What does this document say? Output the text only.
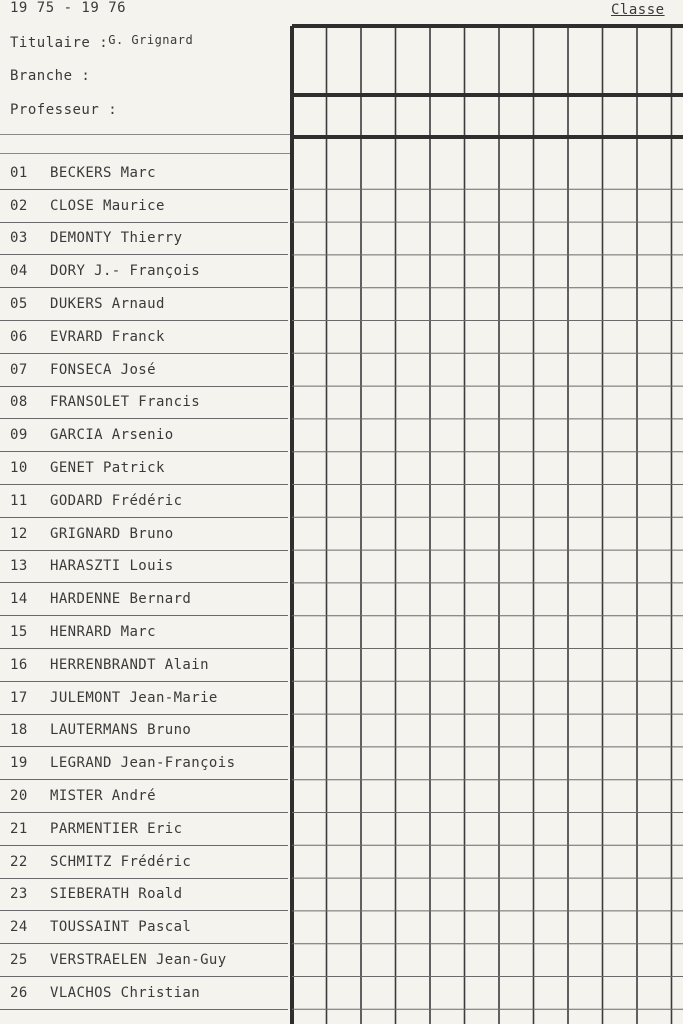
19 75 - 19 76	Classe
Titulaire :G. Grignard
Branche :
Professeur :
01	BECKERS Marc
02	CLOSE Maurice
03	DEMONTY Thierry
04	DORY J.- François
05	DUKERS Arnaud
06	EVRARD Franck
07	FONSECA José
08	FRANSOLET Francis
09	GARCIA Arsenio
10	GENET Patrick
11	GODARD Frédéric
12	GRIGNARD Bruno
13	HARASZTI Louis
14	HARDENNE Bernard
15	HENRARD Marc
16	HERRENBRANDT Alain
17	JULEMONT Jean-Marie
18	LAUTERMANS Bruno
19	LEGRAND Jean-François
20	MISTER André
21	PARMENTIER Eric
22	SCHMITZ Frédéric
23	SIEBERATH Roald
24	TOUSSAINT Pascal
25	VERSTRAELEN Jean-Guy
26	VLACHOS Christian
